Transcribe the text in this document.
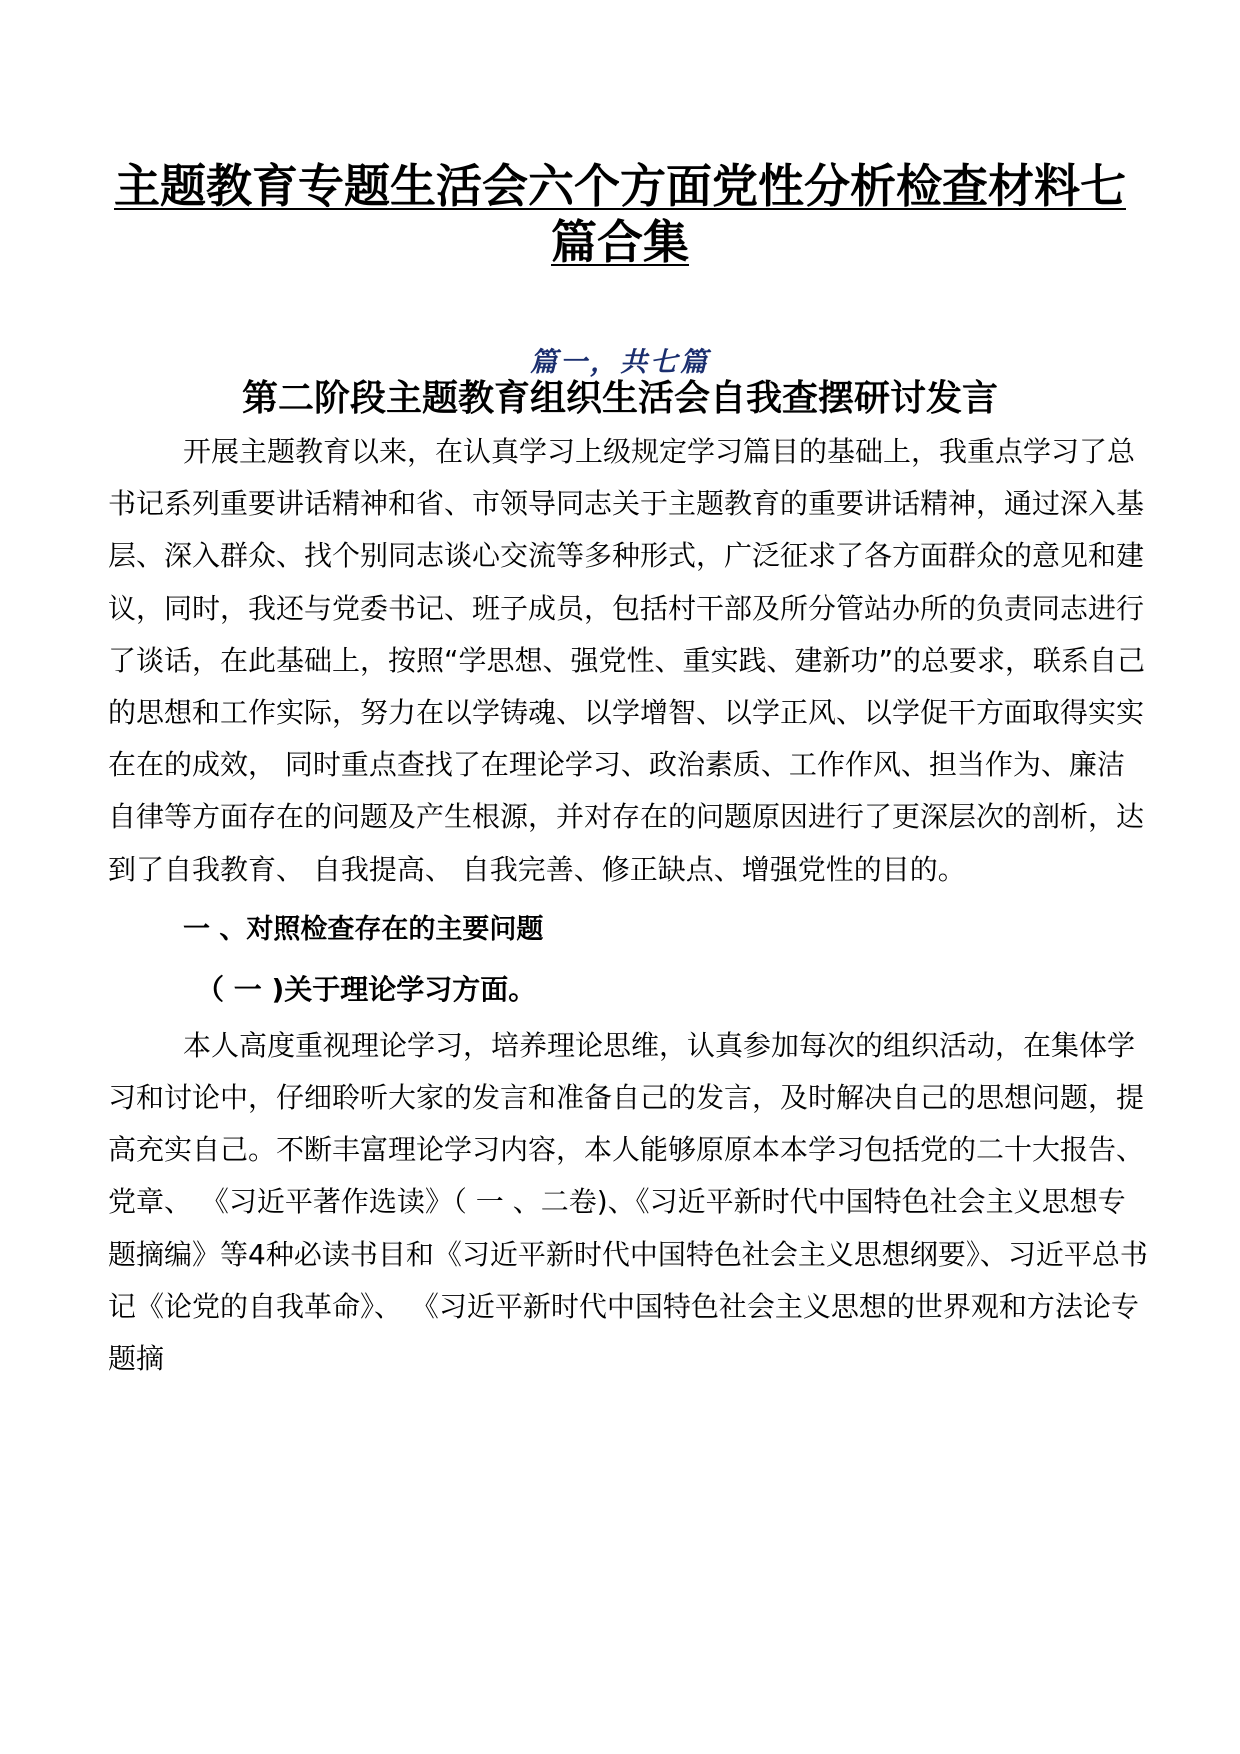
主题教育专题生活会六个方面党性分析检查材料七
篇合集

篇一，共七篇

第二阶段主题教育组织生活会自我查摆研讨发言

开展主题教育以来，在认真学习上级规定学习篇目的基础上，我重点学习了总书记系列重要讲话精神和省、市领导同志关于主题教育的重要讲话精神，通过深入基层、深入群众、找个别同志谈心交流等多种形式，广泛征求了各方面群众的意见和建议，同时，我还与党委书记、班子成员，包括村干部及所分管站办所的负责同志进行了谈话，在此基础上，按照“学思想、强党性、重实践、建新功”的总要求，联系自己的思想和工作实际，努力在以学铸魂、以学增智、以学正风、以学促干方面取得实实在在的成效， 同时重点查找了在理论学习、政治素质、工作作风、担当作为、廉洁自律等方面存在的问题及产生根源，并对存在的问题原因进行了更深层次的剖析，达到了自我教育、 自我提高、 自我完善、修正缺点、增强党性的目的。

一 、对照检查存在的主要问题

（ 一 )关于理论学习方面。

本人高度重视理论学习，培养理论思维，认真参加每次的组织活动，在集体学习和讨论中，仔细聆听大家的发言和准备自己的发言，及时解决自己的思想问题，提高充实自己。不断丰富理论学习内容，本人能够原原本本学习包括党的二十大报告、党章、 《习近平著作选读》（ 一 、二卷)、《习近平新时代中国特色社会主义思想专题摘编》等4种必读书目和《习近平新时代中国特色社会主义思想纲要》、习近平总书记《论党的自我革命》、 《习近平新时代中国特色社会主义思想的世界观和方法论专题摘
